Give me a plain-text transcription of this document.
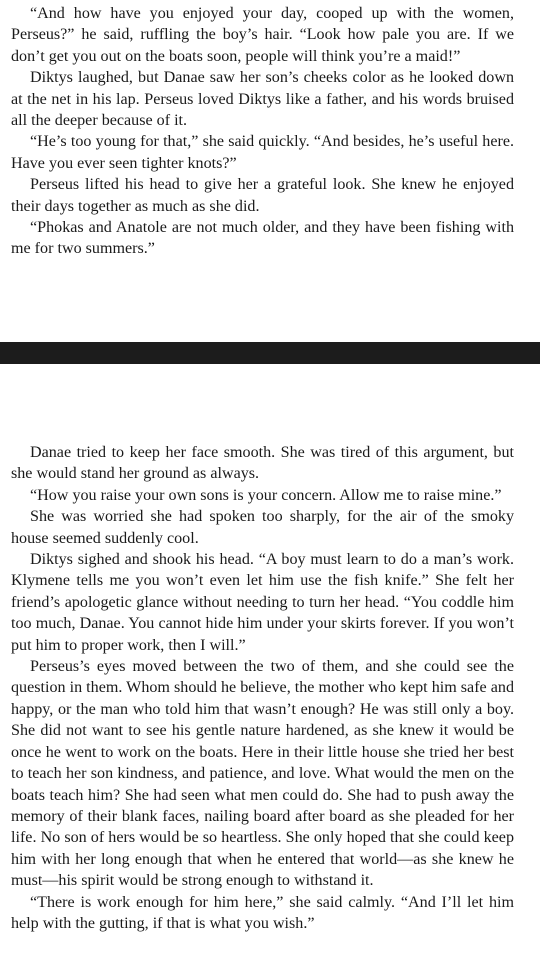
“And how have you enjoyed your day, cooped up with the women, Perseus?” he said, ruffling the boy’s hair. “Look how pale you are. If we don’t get you out on the boats soon, people will think you’re a maid!”

Diktys laughed, but Danae saw her son’s cheeks color as he looked down at the net in his lap. Perseus loved Diktys like a father, and his words bruised all the deeper because of it.

“He’s too young for that,” she said quickly. “And besides, he’s useful here. Have you ever seen tighter knots?”

Perseus lifted his head to give her a grateful look. She knew he enjoyed their days together as much as she did.

“Phokas and Anatole are not much older, and they have been fishing with me for two summers.”

Danae tried to keep her face smooth. She was tired of this argument, but she would stand her ground as always.

“How you raise your own sons is your concern. Allow me to raise mine.”

She was worried she had spoken too sharply, for the air of the smoky house seemed suddenly cool.

Diktys sighed and shook his head. “A boy must learn to do a man’s work. Klymene tells me you won’t even let him use the fish knife.” She felt her friend’s apologetic glance without needing to turn her head. “You coddle him too much, Danae. You cannot hide him under your skirts forever. If you won’t put him to proper work, then I will.”

Perseus’s eyes moved between the two of them, and she could see the question in them. Whom should he believe, the mother who kept him safe and happy, or the man who told him that wasn’t enough? He was still only a boy. She did not want to see his gentle nature hardened, as she knew it would be once he went to work on the boats. Here in their little house she tried her best to teach her son kindness, and patience, and love. What would the men on the boats teach him? She had seen what men could do. She had to push away the memory of their blank faces, nailing board after board as she pleaded for her life. No son of hers would be so heartless. She only hoped that she could keep him with her long enough that when he entered that world—as she knew he must—his spirit would be strong enough to withstand it.

“There is work enough for him here,” she said calmly. “And I’ll let him help with the gutting, if that is what you wish.”
